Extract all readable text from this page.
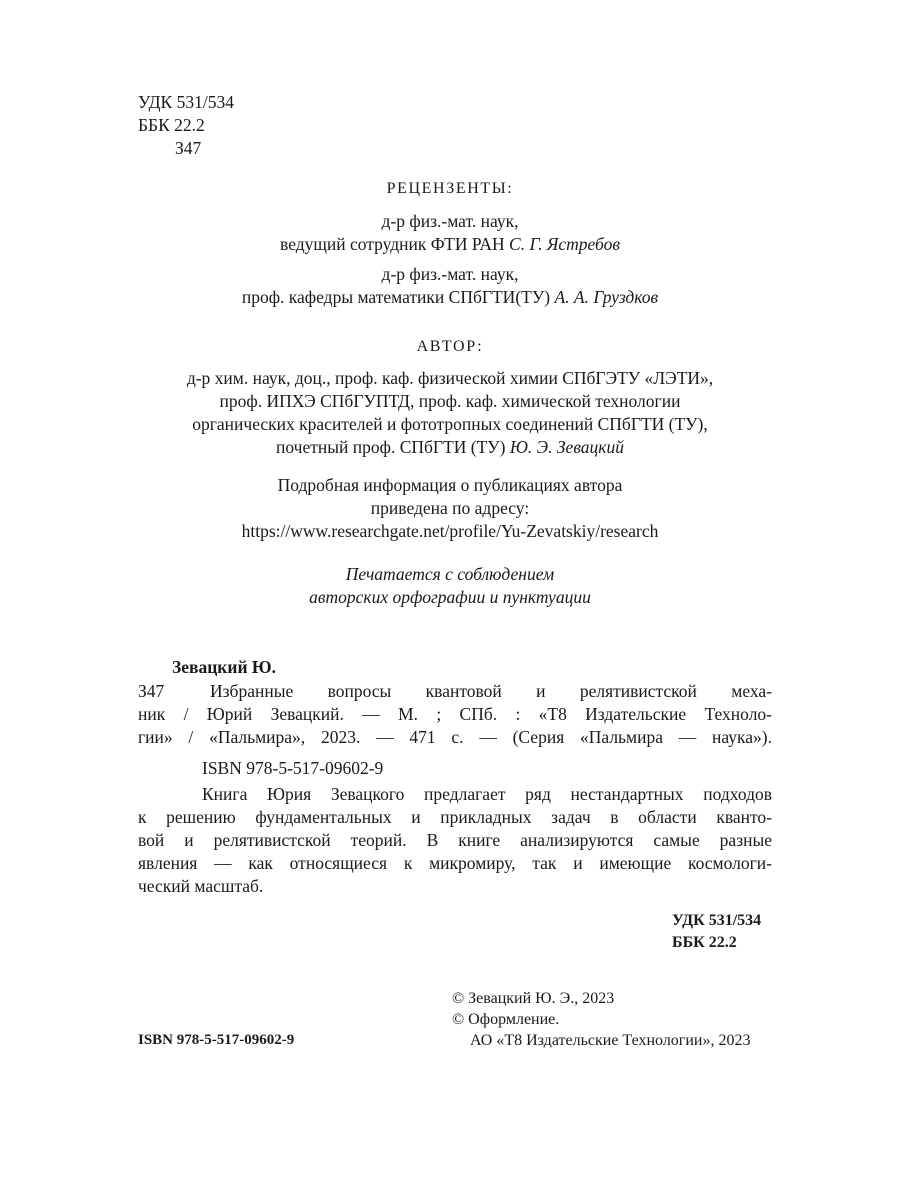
УДК 531/534
ББК 22.2
З47
РЕЦЕНЗЕНТЫ:
д-р физ.-мат. наук,
ведущий сотрудник ФТИ РАН С. Г. Ястребов
д-р физ.-мат. наук,
проф. кафедры математики СПбГТИ(ТУ) А. А. Груздков
АВТОР:
д-р хим. наук, доц., проф. каф. физической химии СПбГЭТУ «ЛЭТИ»,
проф. ИПХЭ СПбГУПТД, проф. каф. химической технологии
органических красителей и фототропных соединений СПбГТИ (ТУ),
почетный проф. СПбГТИ (ТУ) Ю. Э. Зевацкий
Подробная информация о публикациях автора
приведена по адресу:
https://www.researchgate.net/profile/Yu-Zevatskiy/research
Печатается с соблюдением
авторских орфографии и пунктуации
Зевацкий Ю.
З47	Избранные вопросы квантовой и релятивистской меха-
ник / Юрий Зевацкий. — М. ; СПб. : «Т8 Издательские Техноло-
гии» / «Пальмира», 2023. — 471 с. — (Серия «Пальмира — наука»).
ISBN 978-5-517-09602-9
Книга Юрия Зевацкого предлагает ряд нестандартных подходов
к решению фундаментальных и прикладных задач в области кванто-
вой и релятивистской теорий. В книге анализируются самые разные
явления — как относящиеся к микромиру, так и имеющие космологи-
ческий масштаб.
УДК 531/534
ББК 22.2
© Зевацкий Ю. Э., 2023
© Оформление.
АО «Т8 Издательские Технологии», 2023
ISBN 978-5-517-09602-9
